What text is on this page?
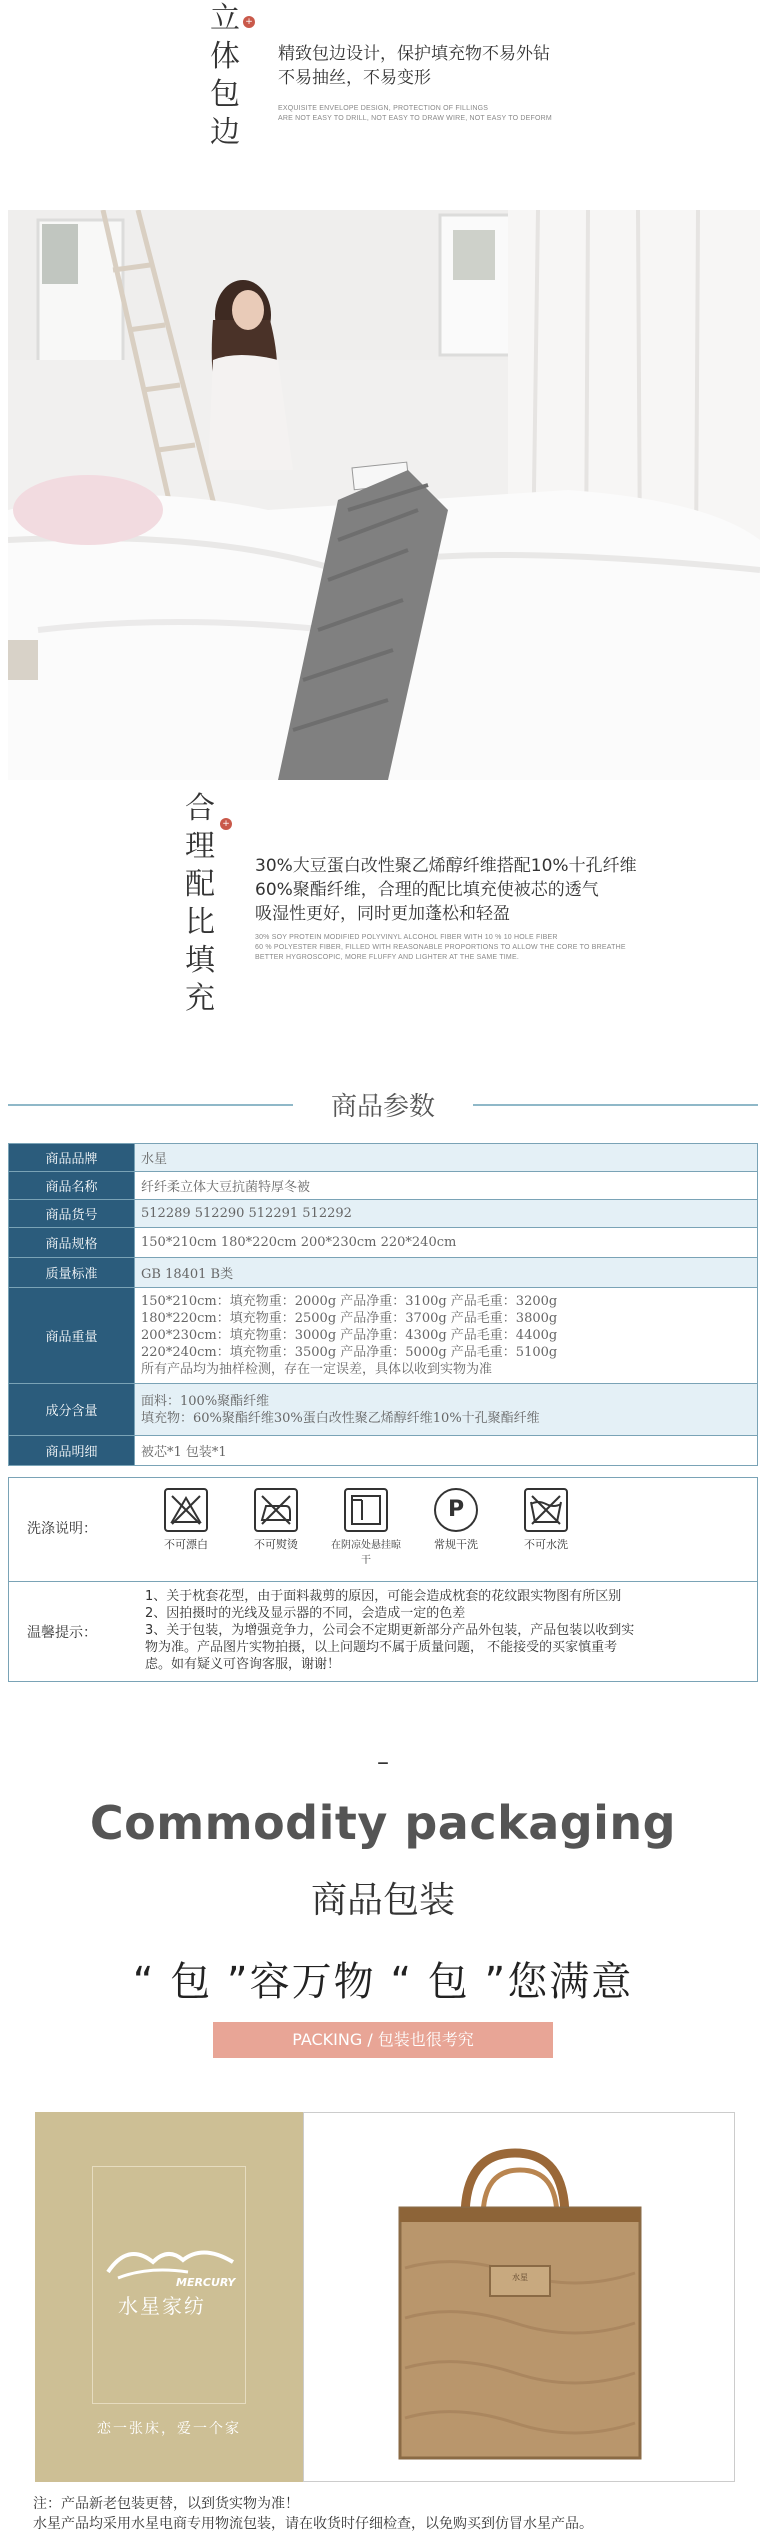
立
体
包
边
+
精致包边设计，保护填充物不易外钻
不易抽丝，不易变形
EXQUISITE ENVELOPE DESIGN, PROTECTION OF FILLINGS
ARE NOT EASY TO DRILL, NOT EASY TO DRAW WIRE, NOT EASY TO DEFORM
合
理
配
比
填
充
+
30%大豆蛋白改性聚乙烯醇纤维搭配10%十孔纤维
60%聚酯纤维，合理的配比填充使被芯的透气
吸湿性更好，同时更加蓬松和轻盈
30% SOY PROTEIN MODIFIED POLYVINYL ALCOHOL FIBER WITH 10 % 10 HOLE FIBER
60 % POLYESTER FIBER, FILLED WITH REASONABLE PROPORTIONS TO ALLOW THE CORE TO BREATHE
BETTER HYGROSCOPIC, MORE FLUFFY AND LIGHTER AT THE SAME TIME.
商品参数
商品品牌	水星
商品名称	纤纤柔立体大豆抗菌特厚冬被
商品货号	512289 512290 512291 512292
商品规格	150*210cm 180*220cm 200*230cm 220*240cm
质量标准	GB 18401 B类
商品重量	150*210cm：填充物重：2000g 产品净重：3100g 产品毛重：3200g
180*220cm：填充物重：2500g 产品净重：3700g 产品毛重：3800g
200*230cm：填充物重：3000g 产品净重：4300g 产品毛重：4400g
220*240cm：填充物重：3500g 产品净重：5000g 产品毛重：5100g
所有产品均为抽样检测，存在一定误差，具体以收到实物为准

成分含量	面料：100%聚酯纤维
填充物：60%聚酯纤维30%蛋白改性聚乙烯醇纤维10%十孔聚酯纤维

商品明细	被芯*1 包装*1
洗涤说明：
不可漂白	不可熨烫	在阴凉处悬挂晾干
P
常规干洗	不可水洗
温馨提示：
1、关于枕套花型，由于面料裁剪的原因，可能会造成枕套的花纹跟实物图有所区别
2、因拍摄时的光线及显示器的不同，会造成一定的色差
3、关于包装，为增强竞争力，公司会不定期更新部分产品外包装，产品包装以收到实
物为准。产品图片实物拍摄，以上问题均不属于质量问题， 不能接受的买家慎重考
虑。如有疑义可咨询客服，谢谢！
–
Commodity packaging
商品包装
“ 包 ”容万物 “ 包 ”您满意
PACKING / 包装也很考究
MERCURY
水星家纺
恋一张床，爱一个家
水星
注：产品新老包装更替，以到货实物为准！
水星产品均采用水星电商专用物流包装，请在收货时仔细检查，以免购买到仿冒水星产品。
